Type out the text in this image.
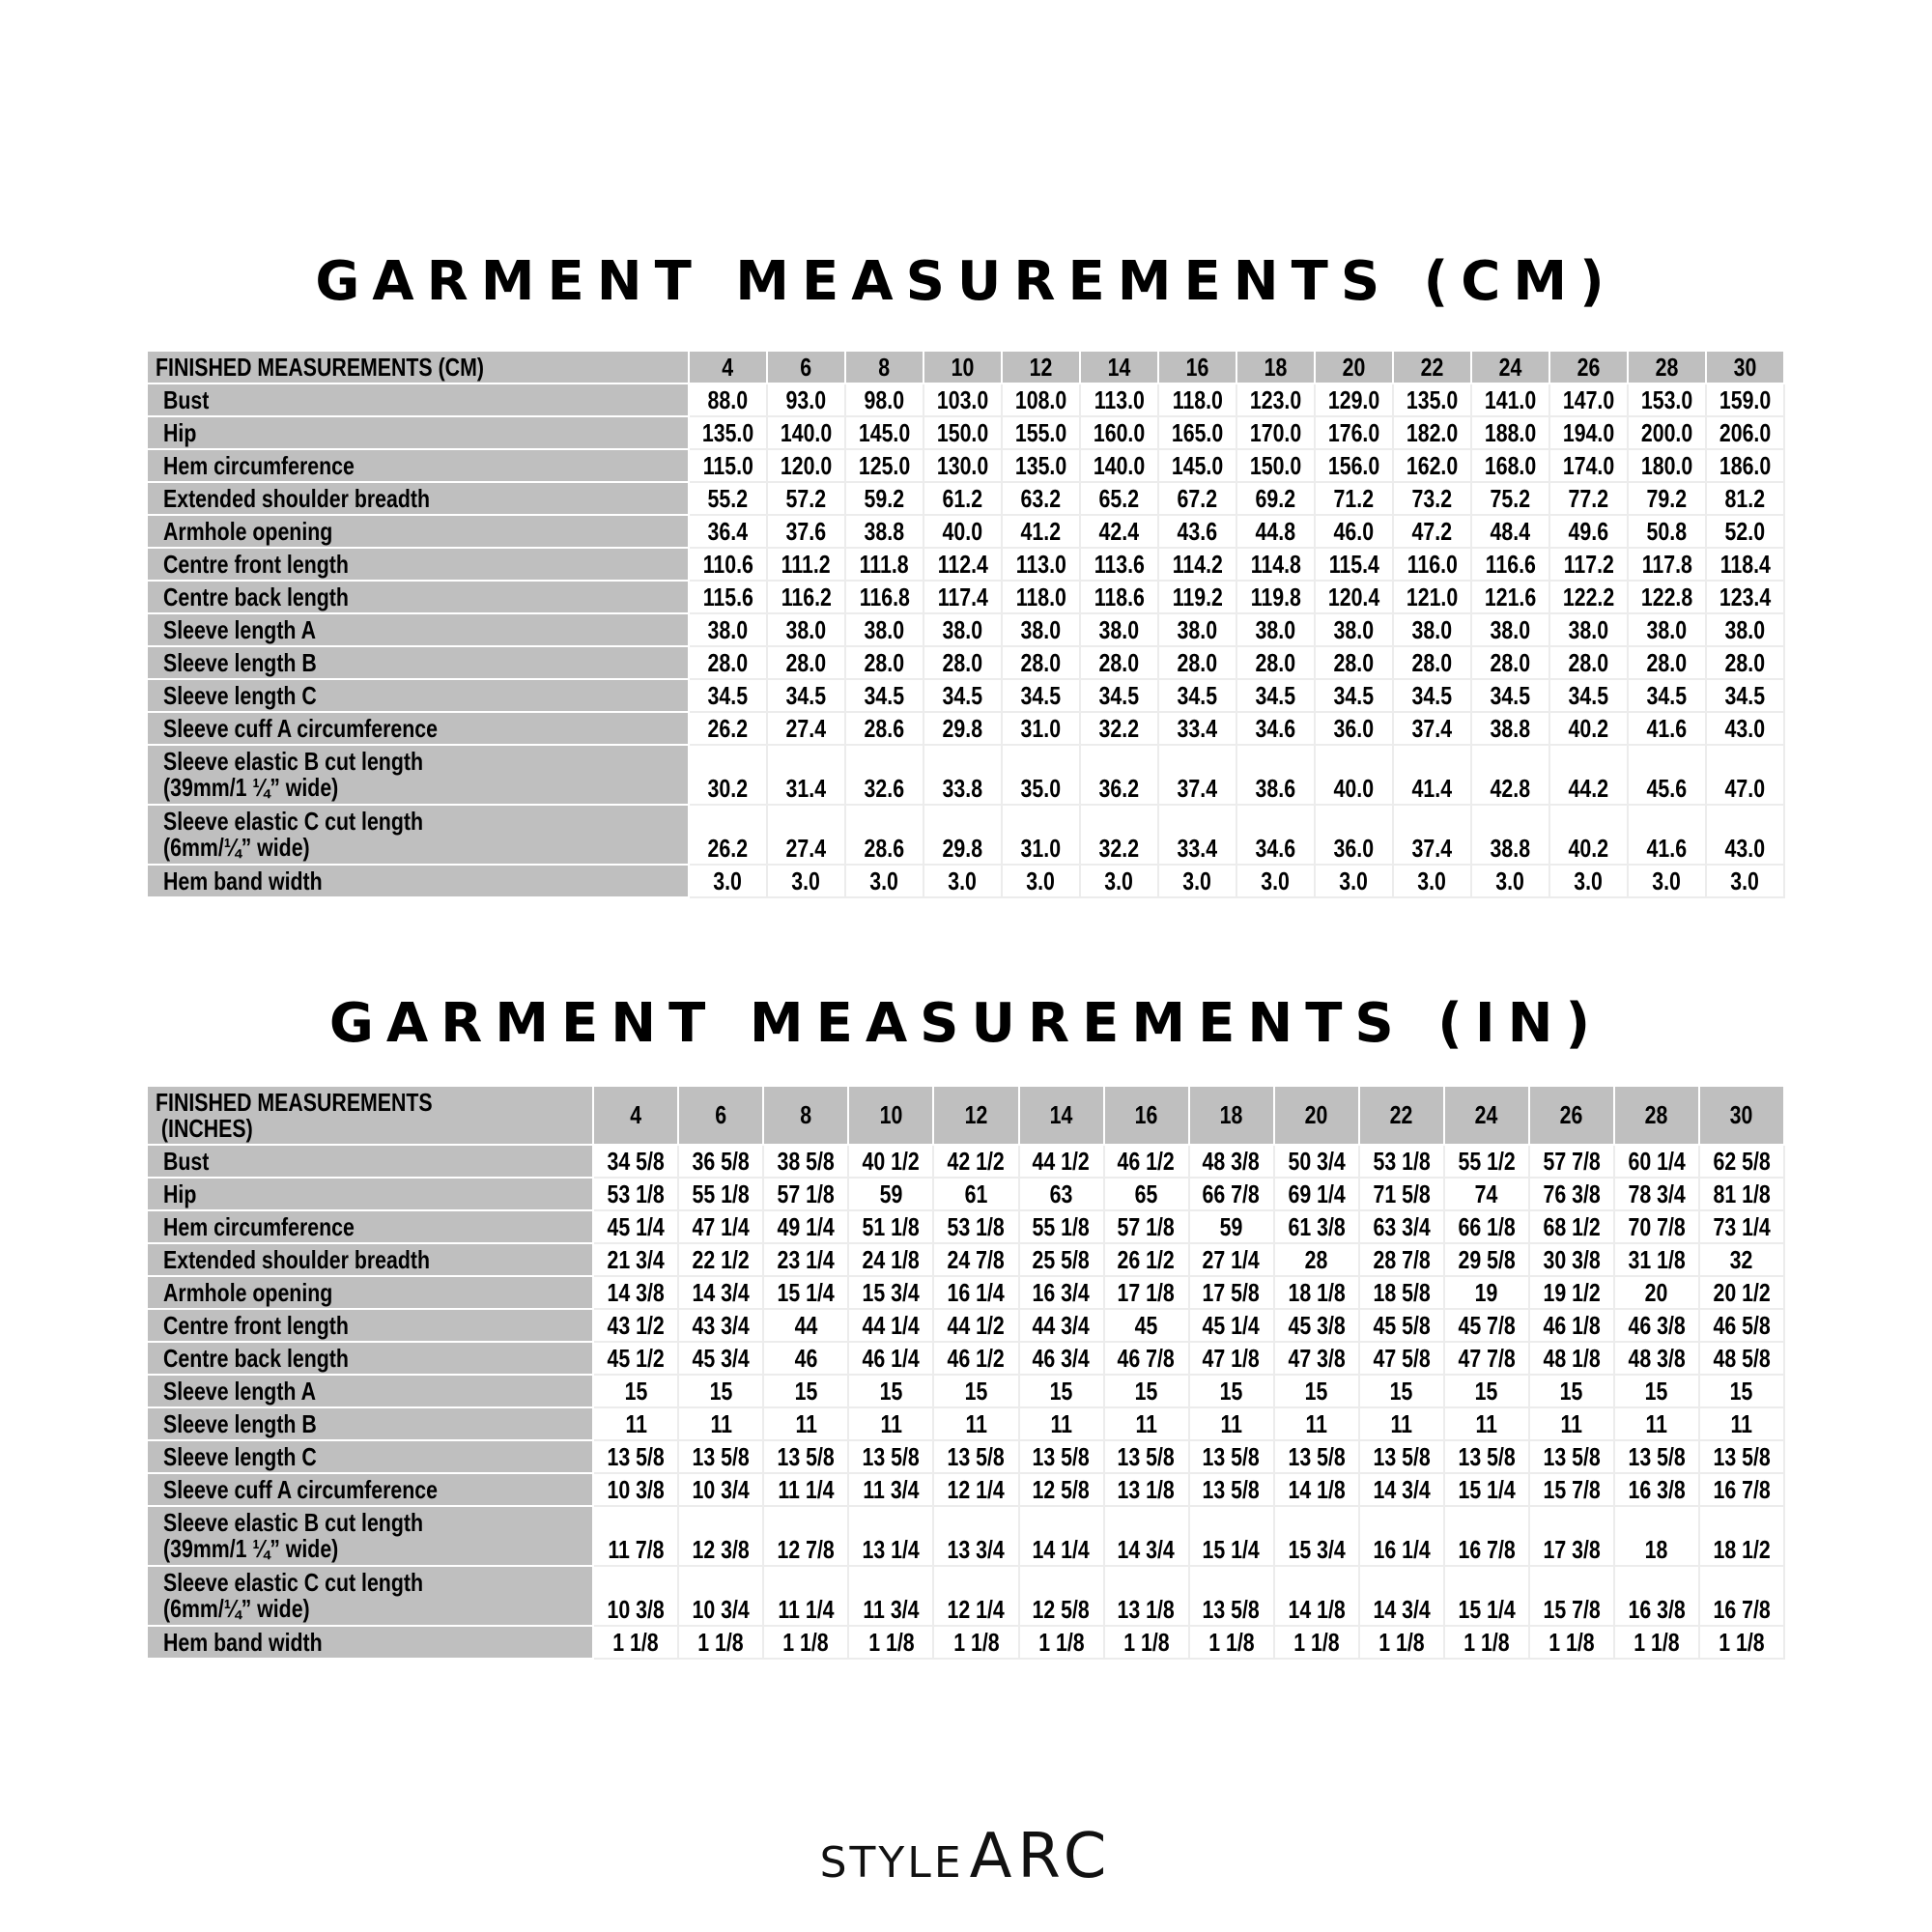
GARMENT MEASUREMENTS (CM)
FINISHED MEASUREMENTS (CM)	4	6	8	10	12	14	16	18	20	22	24	26	28	30

Bust	88.0	93.0	98.0	103.0	108.0	113.0	118.0	123.0	129.0	135.0	141.0	147.0	153.0	159.0

Hip	135.0	140.0	145.0	150.0	155.0	160.0	165.0	170.0	176.0	182.0	188.0	194.0	200.0	206.0

Hem circumference	115.0	120.0	125.0	130.0	135.0	140.0	145.0	150.0	156.0	162.0	168.0	174.0	180.0	186.0

Extended shoulder breadth	55.2	57.2	59.2	61.2	63.2	65.2	67.2	69.2	71.2	73.2	75.2	77.2	79.2	81.2

Armhole opening	36.4	37.6	38.8	40.0	41.2	42.4	43.6	44.8	46.0	47.2	48.4	49.6	50.8	52.0

Centre front length	110.6	111.2	111.8	112.4	113.0	113.6	114.2	114.8	115.4	116.0	116.6	117.2	117.8	118.4

Centre back length	115.6	116.2	116.8	117.4	118.0	118.6	119.2	119.8	120.4	121.0	121.6	122.2	122.8	123.4

Sleeve length A	38.0	38.0	38.0	38.0	38.0	38.0	38.0	38.0	38.0	38.0	38.0	38.0	38.0	38.0

Sleeve length B	28.0	28.0	28.0	28.0	28.0	28.0	28.0	28.0	28.0	28.0	28.0	28.0	28.0	28.0

Sleeve length C	34.5	34.5	34.5	34.5	34.5	34.5	34.5	34.5	34.5	34.5	34.5	34.5	34.5	34.5

Sleeve cuff A circumference	26.2	27.4	28.6	29.8	31.0	32.2	33.4	34.6	36.0	37.4	38.8	40.2	41.6	43.0

Sleeve elastic B cut length
(39mm/1 ¼” wide)	30.2	31.4	32.6	33.8	35.0	36.2	37.4	38.6	40.0	41.4	42.8	44.2	45.6	47.0

Sleeve elastic C cut length
(6mm/¼” wide)	26.2	27.4	28.6	29.8	31.0	32.2	33.4	34.6	36.0	37.4	38.8	40.2	41.6	43.0

Hem band width	3.0	3.0	3.0	3.0	3.0	3.0	3.0	3.0	3.0	3.0	3.0	3.0	3.0	3.0
GARMENT MEASUREMENTS (IN)
FINISHED MEASUREMENTS
(INCHES)	4	6	8	10	12	14	16	18	20	22	24	26	28	30

Bust	34 5/8	36 5/8	38 5/8	40 1/2	42 1/2	44 1/2	46 1/2	48 3/8	50 3/4	53 1/8	55 1/2	57 7/8	60 1/4	62 5/8

Hip	53 1/8	55 1/8	57 1/8	59	61	63	65	66 7/8	69 1/4	71 5/8	74	76 3/8	78 3/4	81 1/8

Hem circumference	45 1/4	47 1/4	49 1/4	51 1/8	53 1/8	55 1/8	57 1/8	59	61 3/8	63 3/4	66 1/8	68 1/2	70 7/8	73 1/4

Extended shoulder breadth	21 3/4	22 1/2	23 1/4	24 1/8	24 7/8	25 5/8	26 1/2	27 1/4	28	28 7/8	29 5/8	30 3/8	31 1/8	32

Armhole opening	14 3/8	14 3/4	15 1/4	15 3/4	16 1/4	16 3/4	17 1/8	17 5/8	18 1/8	18 5/8	19	19 1/2	20	20 1/2

Centre front length	43 1/2	43 3/4	44	44 1/4	44 1/2	44 3/4	45	45 1/4	45 3/8	45 5/8	45 7/8	46 1/8	46 3/8	46 5/8

Centre back length	45 1/2	45 3/4	46	46 1/4	46 1/2	46 3/4	46 7/8	47 1/8	47 3/8	47 5/8	47 7/8	48 1/8	48 3/8	48 5/8

Sleeve length A	15	15	15	15	15	15	15	15	15	15	15	15	15	15

Sleeve length B	11	11	11	11	11	11	11	11	11	11	11	11	11	11

Sleeve length C	13 5/8	13 5/8	13 5/8	13 5/8	13 5/8	13 5/8	13 5/8	13 5/8	13 5/8	13 5/8	13 5/8	13 5/8	13 5/8	13 5/8

Sleeve cuff A circumference	10 3/8	10 3/4	11 1/4	11 3/4	12 1/4	12 5/8	13 1/8	13 5/8	14 1/8	14 3/4	15 1/4	15 7/8	16 3/8	16 7/8

Sleeve elastic B cut length
(39mm/1 ¼” wide)	11 7/8	12 3/8	12 7/8	13 1/4	13 3/4	14 1/4	14 3/4	15 1/4	15 3/4	16 1/4	16 7/8	17 3/8	18	18 1/2

Sleeve elastic C cut length
(6mm/¼” wide)	10 3/8	10 3/4	11 1/4	11 3/4	12 1/4	12 5/8	13 1/8	13 5/8	14 1/8	14 3/4	15 1/4	15 7/8	16 3/8	16 7/8

Hem band width	1 1/8	1 1/8	1 1/8	1 1/8	1 1/8	1 1/8	1 1/8	1 1/8	1 1/8	1 1/8	1 1/8	1 1/8	1 1/8	1 1/8
STYLEARC
